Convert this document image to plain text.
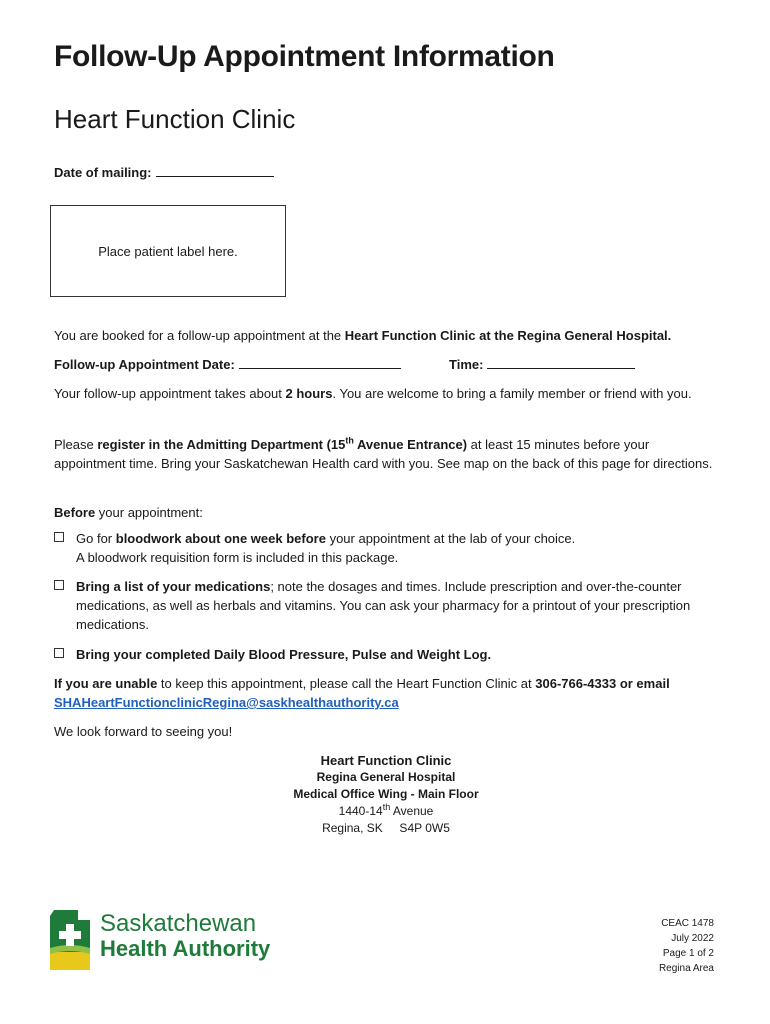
Follow-Up Appointment Information
Heart Function Clinic
Date of mailing:
Place patient label here.
You are booked for a follow-up appointment at the Heart Function Clinic at the Regina General Hospital.
Follow-up Appointment Date:	Time:
Your follow-up appointment takes about 2 hours. You are welcome to bring a family member or friend with you.
Please register in the Admitting Department (15th Avenue Entrance) at least 15 minutes before your appointment time. Bring your Saskatchewan Health card with you. See map on the back of this page for directions.
Before your appointment:
Go for bloodwork about one week before your appointment at the lab of your choice.
A bloodwork requisition form is included in this package.
Bring a list of your medications; note the dosages and times. Include prescription and over-the-counter medications, as well as herbals and vitamins. You can ask your pharmacy for a printout of your prescription medications.
Bring your completed Daily Blood Pressure, Pulse and Weight Log.
If you are unable to keep this appointment, please call the Heart Function Clinic at 306-766-4333 or email
SHAHeartFunctionclinicRegina@saskhealthauthority.ca
We look forward to seeing you!
Heart Function Clinic
Regina General Hospital
Medical Office Wing - Main Floor
1440-14th Avenue
Regina, SK     S4P 0W5
Saskatchewan
Health Authority
CEAC 1478
July 2022
Page 1 of 2
Regina Area
